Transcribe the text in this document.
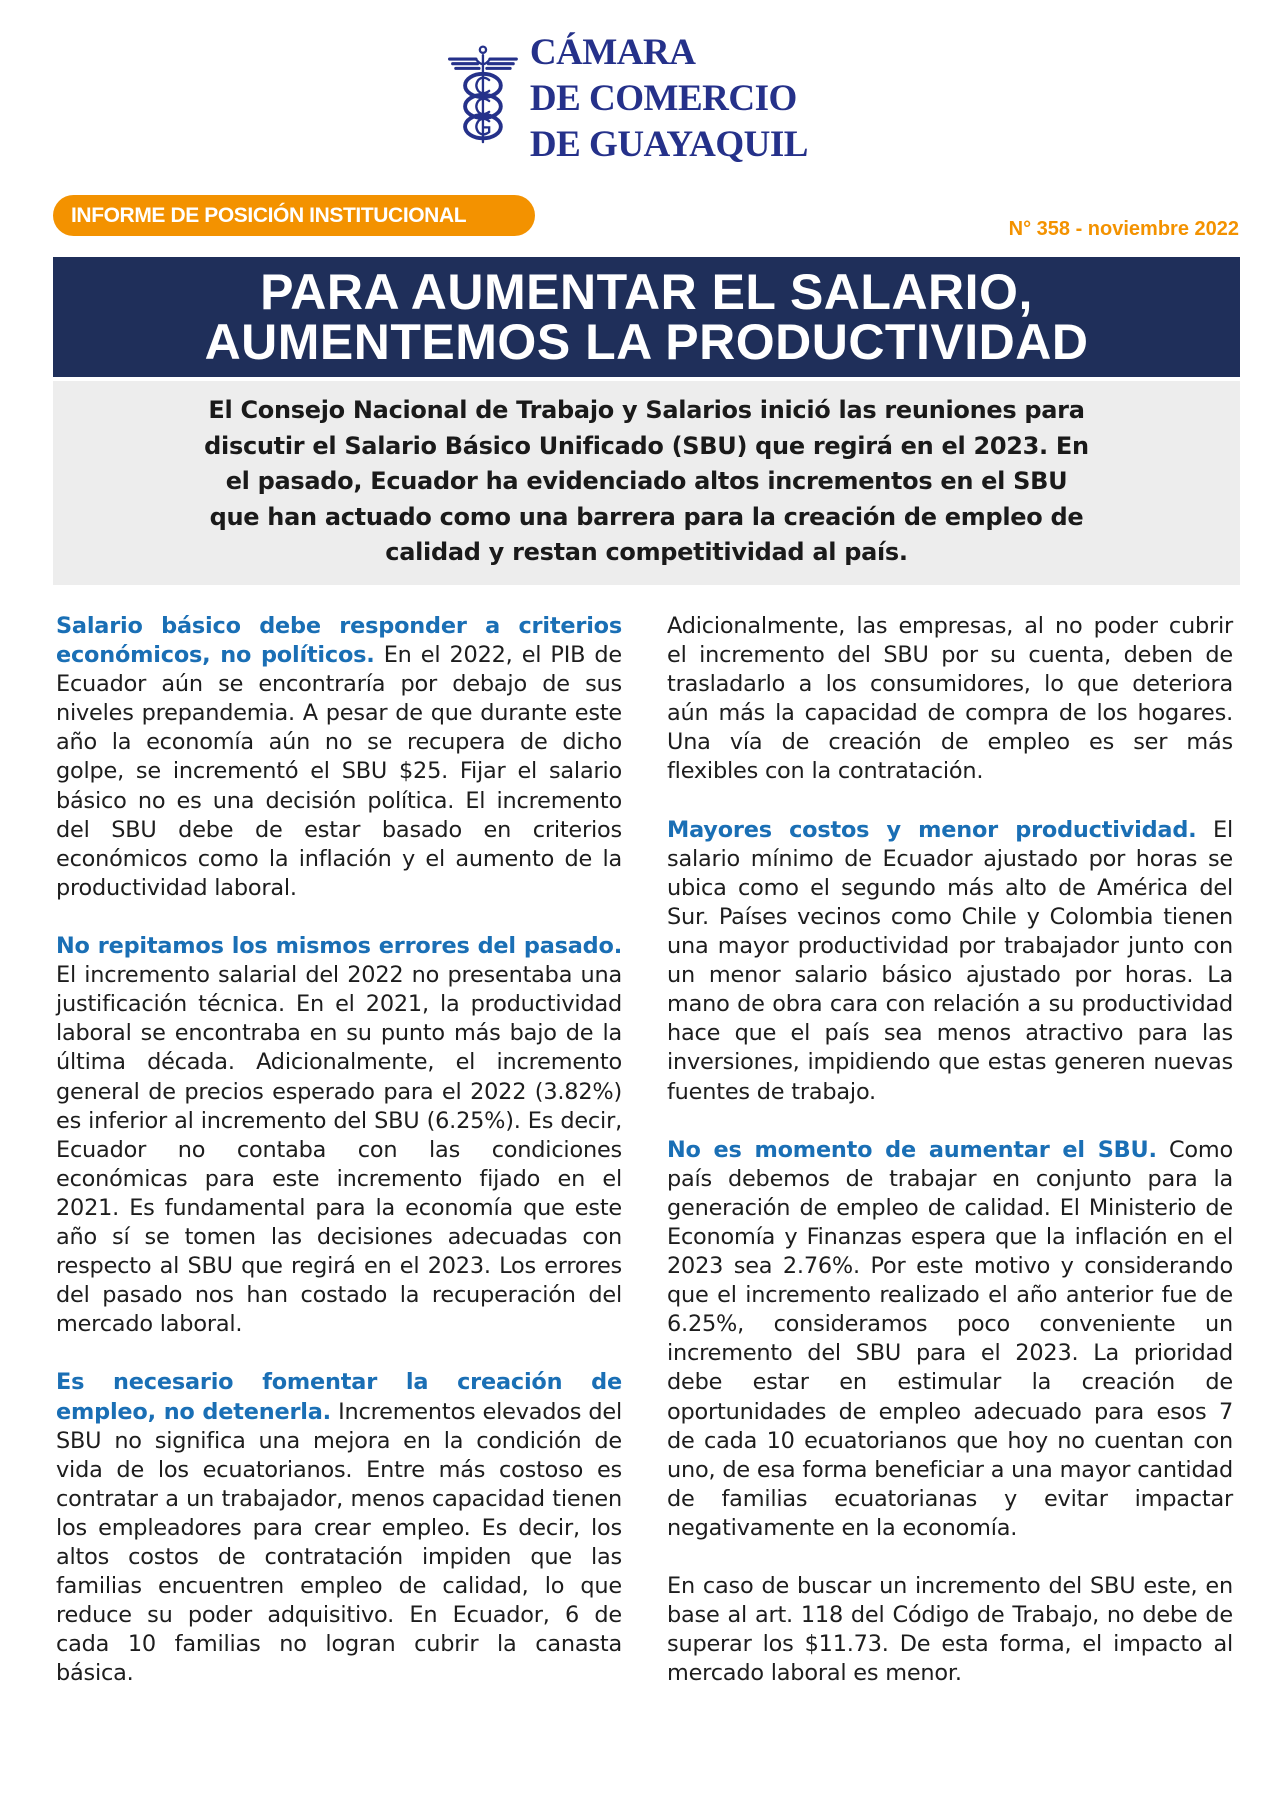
CÁMARA
DE COMERCIO
DE GUAYAQUIL
INFORME DE POSICIÓN INSTITUCIONAL
N° 358 - noviembre 2022
PARA AUMENTAR EL SALARIO,
AUMENTEMOS LA PRODUCTIVIDAD
El Consejo Nacional de Trabajo y Salarios inició las reuniones para discutir el Salario Básico Unificado (SBU) que regirá en el 2023. En el pasado, Ecuador ha evidenciado altos incrementos en el SBU que han actuado como una barrera para la creación de empleo de calidad y restan competitividad al país.

Salario básico debe responder a criterios económicos, no políticos. En el 2022, el PIB de Ecuador aún se encontraría por debajo de sus niveles prepandemia. A pesar de que durante este año la economía aún no se recupera de dicho golpe, se incrementó el SBU $25. Fijar el salario básico no es una decisión política. El incremento del SBU debe de estar basado en criterios económicos como la inflación y el aumento de la productividad laboral.

No repitamos los mismos errores del pasado. El incremento salarial del 2022 no presentaba una justificación técnica. En el 2021, la productividad laboral se encontraba en su punto más bajo de la última década. Adicionalmente, el incremento general de precios esperado para el 2022 (3.82%) es inferior al incremento del SBU (6.25%). Es decir, Ecuador no contaba con las condiciones económicas para este incremento fijado en el 2021. Es fundamental para la economía que este año sí se tomen las decisiones adecuadas con respecto al SBU que regirá en el 2023. Los errores del pasado nos han costado la recuperación del mercado laboral.

Es necesario fomentar la creación de empleo, no detenerla. Incrementos elevados del SBU no significa una mejora en la condición de vida de los ecuatorianos. Entre más costoso es contratar a un trabajador, menos capacidad tienen los empleadores para crear empleo. Es decir, los altos costos de contratación impiden que las familias encuentren empleo de calidad, lo que reduce su poder adquisitivo. En Ecuador, 6 de cada 10 familias no logran cubrir la canasta básica.

Adicionalmente, las empresas, al no poder cubrir el incremento del SBU por su cuenta, deben de trasladarlo a los consumidores, lo que deteriora aún más la capacidad de compra de los hogares. Una vía de creación de empleo es ser más flexibles con la contratación.

Mayores costos y menor productividad. El salario mínimo de Ecuador ajustado por horas se ubica como el segundo más alto de América del Sur. Países vecinos como Chile y Colombia tienen una mayor productividad por trabajador junto con un menor salario básico ajustado por horas. La mano de obra cara con relación a su productividad hace que el país sea menos atractivo para las inversiones, impidiendo que estas generen nuevas fuentes de trabajo.

No es momento de aumentar el SBU. Como país debemos de trabajar en conjunto para la generación de empleo de calidad. El Ministerio de Economía y Finanzas espera que la inflación en el 2023 sea 2.76%. Por este motivo y considerando que el incremento realizado el año anterior fue de 6.25%, consideramos poco conveniente un incremento del SBU para el 2023. La prioridad debe estar en estimular la creación de oportunidades de empleo adecuado para esos 7 de cada 10 ecuatorianos que hoy no cuentan con uno, de esa forma beneficiar a una mayor cantidad de familias ecuatorianas y evitar impactar negativamente en la economía.

En caso de buscar un incremento del SBU este, en base al art. 118 del Código de Trabajo, no debe de superar los $11.73. De esta forma, el impacto al mercado laboral es menor.
